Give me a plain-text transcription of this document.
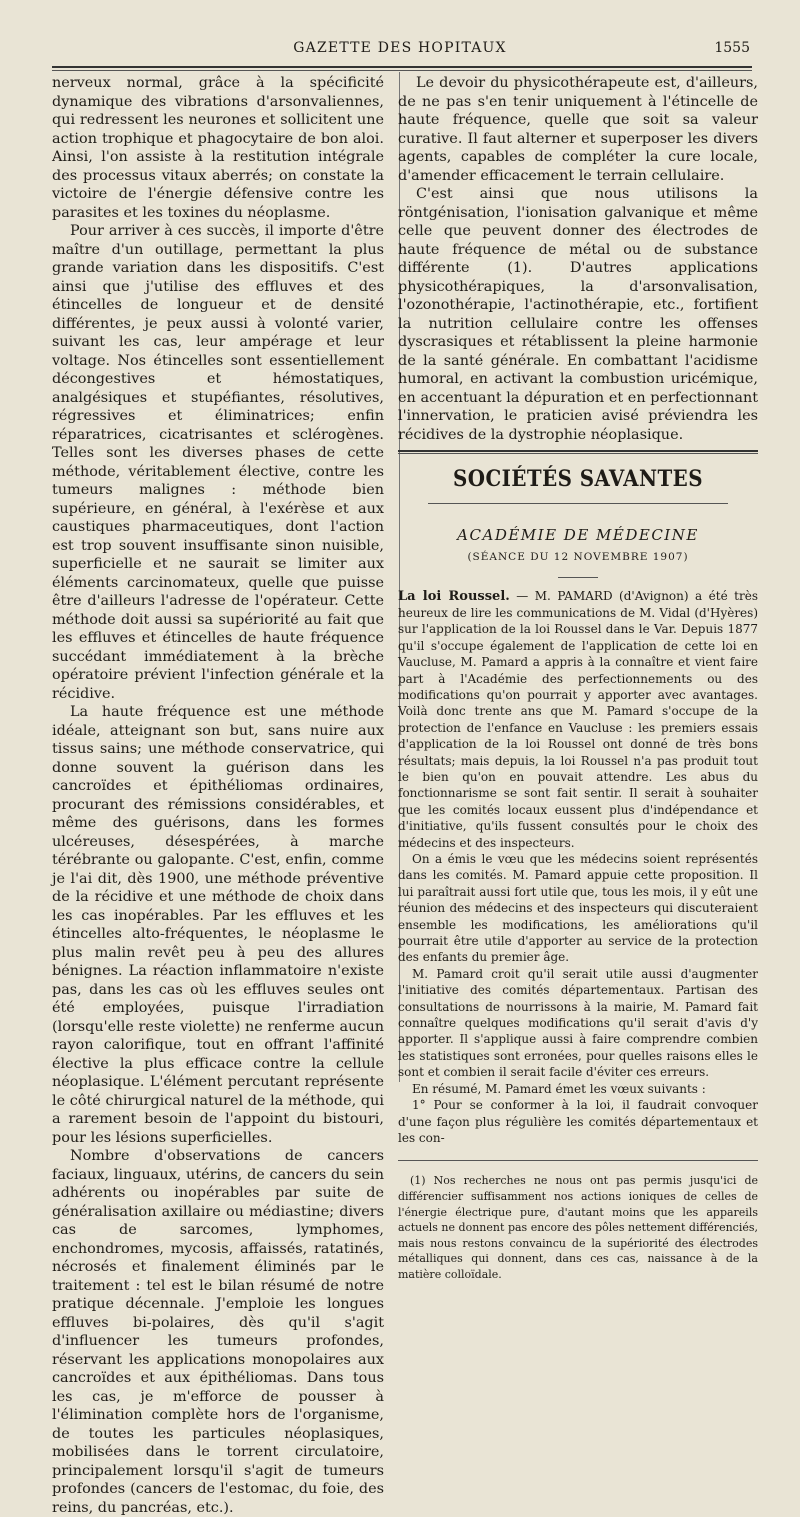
GAZETTE DES HOPITAUX	1555

nerveux normal, grâce à la spécificité dynamique des vibrations d'arsonvaliennes, qui redressent les neurones et sollicitent une action trophique et phagocytaire de bon aloi. Ainsi, l'on assiste à la restitution intégrale des processus vitaux aberrés; on constate la victoire de l'énergie défensive contre les parasites et les toxines du néoplasme.

Pour arriver à ces succès, il importe d'être maître d'un outillage, permettant la plus grande variation dans les dispositifs. C'est ainsi que j'utilise des effluves et des étincelles de longueur et de densité différentes, je peux aussi à volonté varier, suivant les cas, leur ampérage et leur voltage. Nos étincelles sont essentiellement décongestives et hémostatiques, analgésiques et stupéfiantes, résolutives, régressives et éliminatrices; enfin réparatrices, cicatrisantes et sclérogènes. Telles sont les diverses phases de cette méthode, véritablement élective, contre les tumeurs malignes : méthode bien supérieure, en général, à l'exérèse et aux caustiques pharmaceutiques, dont l'action est trop souvent insuffisante sinon nuisible, superficielle et ne saurait se limiter aux éléments carcinomateux, quelle que puisse être d'ailleurs l'adresse de l'opérateur. Cette méthode doit aussi sa supériorité au fait que les effluves et étincelles de haute fréquence succédant immédiatement à la brèche opératoire prévient l'infection générale et la récidive.

La haute fréquence est une méthode idéale, atteignant son but, sans nuire aux tissus sains; une méthode conservatrice, qui donne souvent la guérison dans les cancroïdes et épithéliomas ordinaires, procurant des rémissions considérables, et même des guérisons, dans les formes ulcéreuses, désespérées, à marche térébrante ou galopante. C'est, enfin, comme je l'ai dit, dès 1900, une méthode préventive de la récidive et une méthode de choix dans les cas inopérables. Par les effluves et les étincelles alto-fréquentes, le néoplasme le plus malin revêt peu à peu des allures bénignes. La réaction inflammatoire n'existe pas, dans les cas où les effluves seules ont été employées, puisque l'irradiation (lorsqu'elle reste violette) ne renferme aucun rayon calorifique, tout en offrant l'affinité élective la plus efficace contre la cellule néoplasique. L'élément percutant représente le côté chirurgical naturel de la méthode, qui a rarement besoin de l'appoint du bistouri, pour les lésions superficielles.

Nombre d'observations de cancers faciaux, linguaux, utérins, de cancers du sein adhérents ou inopérables par suite de généralisation axillaire ou médiastine; divers cas de sarcomes, lymphomes, enchondromes, mycosis, affaissés, ratatinés, nécrosés et finalement éliminés par le traitement : tel est le bilan résumé de notre pratique décennale. J'emploie les longues effluves bi-polaires, dès qu'il s'agit d'influencer les tumeurs profondes, réservant les applications monopolaires aux cancroïdes et aux épithéliomas. Dans tous les cas, je m'efforce de pousser à l'élimination complète hors de l'organisme, de toutes les particules néoplasiques, mobilisées dans le torrent circulatoire, principalement lorsqu'il s'agit de tumeurs profondes (cancers de l'estomac, du foie, des reins, du pancréas, etc.).

Le devoir du physicothérapeute est, d'ailleurs, de ne pas s'en tenir uniquement à l'étincelle de haute fréquence, quelle que soit sa valeur curative. Il faut alterner et superposer les divers agents, capables de compléter la cure locale, d'amender efficacement le terrain cellulaire.

C'est ainsi que nous utilisons la röntgénisation, l'ionisation galvanique et même celle que peuvent donner des électrodes de haute fréquence de métal ou de substance différente (1). D'autres applications physicothérapiques, la d'arsonvalisation, l'ozonothérapie, l'actinothérapie, etc., fortifient la nutrition cellulaire contre les offenses dyscrasiques et rétablissent la pleine harmonie de la santé générale. En combattant l'acidisme humoral, en activant la combustion uricémique, en accentuant la dépuration et en perfectionnant l'innervation, le praticien avisé préviendra les récidives de la dystrophie néoplasique.

SOCIÉTÉS SAVANTES
ACADÉMIE DE MÉDECINE
(SÉANCE DU 12 NOVEMBRE 1907)

La loi Roussel. — M. PAMARD (d'Avignon) a été très heureux de lire les communications de M. Vidal (d'Hyères) sur l'application de la loi Roussel dans le Var. Depuis 1877 qu'il s'occupe également de l'application de cette loi en Vaucluse, M. Pamard a appris à la connaître et vient faire part à l'Académie des perfectionnements ou des modifications qu'on pourrait y apporter avec avantages. Voilà donc trente ans que M. Pamard s'occupe de la protection de l'enfance en Vaucluse : les premiers essais d'application de la loi Roussel ont donné de très bons résultats; mais depuis, la loi Roussel n'a pas produit tout le bien qu'on en pouvait attendre. Les abus du fonctionnarisme se sont fait sentir. Il serait à souhaiter que les comités locaux eussent plus d'indépendance et d'initiative, qu'ils fussent consultés pour le choix des médecins et des inspecteurs.

On a émis le vœu que les médecins soient représentés dans les comités. M. Pamard appuie cette proposition. Il lui paraîtrait aussi fort utile que, tous les mois, il y eût une réunion des médecins et des inspecteurs qui discuteraient ensemble les modifications, les améliorations qu'il pourrait être utile d'apporter au service de la protection des enfants du premier âge.

M. Pamard croit qu'il serait utile aussi d'augmenter l'initiative des comités départementaux. Partisan des consultations de nourrissons à la mairie, M. Pamard fait connaître quelques modifications qu'il serait d'avis d'y apporter. Il s'applique aussi à faire comprendre combien les statistiques sont erronées, pour quelles raisons elles le sont et combien il serait facile d'éviter ces erreurs.

En résumé, M. Pamard émet les vœux suivants :

1° Pour se conformer à la loi, il faudrait convoquer d'une façon plus régulière les comités départementaux et les con-

(1) Nos recherches ne nous ont pas permis jusqu'ici de différencier suffisamment nos actions ioniques de celles de l'énergie électrique pure, d'autant moins que les appareils actuels ne donnent pas encore des pôles nettement différenciés, mais nous restons convaincu de la supériorité des électrodes métalliques qui donnent, dans ces cas, naissance à de la matière colloïdale.
